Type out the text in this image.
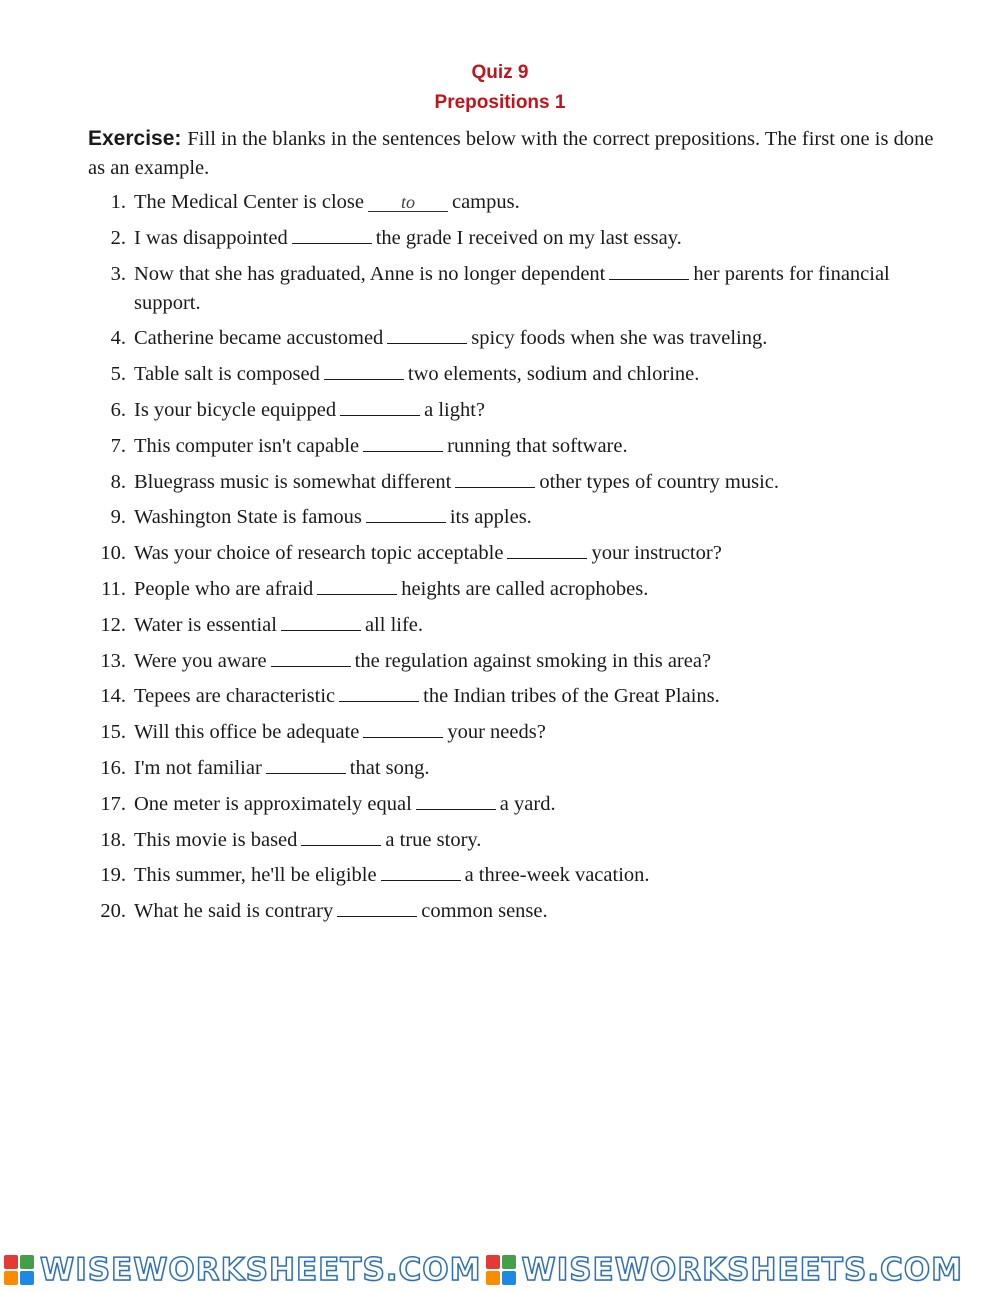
Quiz 9
Prepositions 1
Exercise: Fill in the blanks in the sentences below with the correct prepositions. The first one is done as an example.
1. The Medical Center is close to campus.
2. I was disappointed	the grade I received on my last essay.
3. Now that she has graduated, Anne is no longer dependent	her parents for financial support.
4. Catherine became accustomed	spicy foods when she was traveling.
5. Table salt is composed	two elements, sodium and chlorine.
6. Is your bicycle equipped	a light?
7. This computer isn't capable	running that software.
8. Bluegrass music is somewhat different	other types of country music.
9. Washington State is famous	its apples.
10. Was your choice of research topic acceptable	your instructor?
11. People who are afraid	heights are called acrophobes.
12. Water is essential	all life.
13. Were you aware	the regulation against smoking in this area?
14. Tepees are characteristic	the Indian tribes of the Great Plains.
15. Will this office be adequate	your needs?
16. I'm not familiar	that song.
17. One meter is approximately equal	a yard.
18. This movie is based	a true story.
19. This summer, he'll be eligible	a three-week vacation.
20. What he said is contrary	common sense.
WISEWORKSHEETS.COM WISEWORKSHEETS.COM
